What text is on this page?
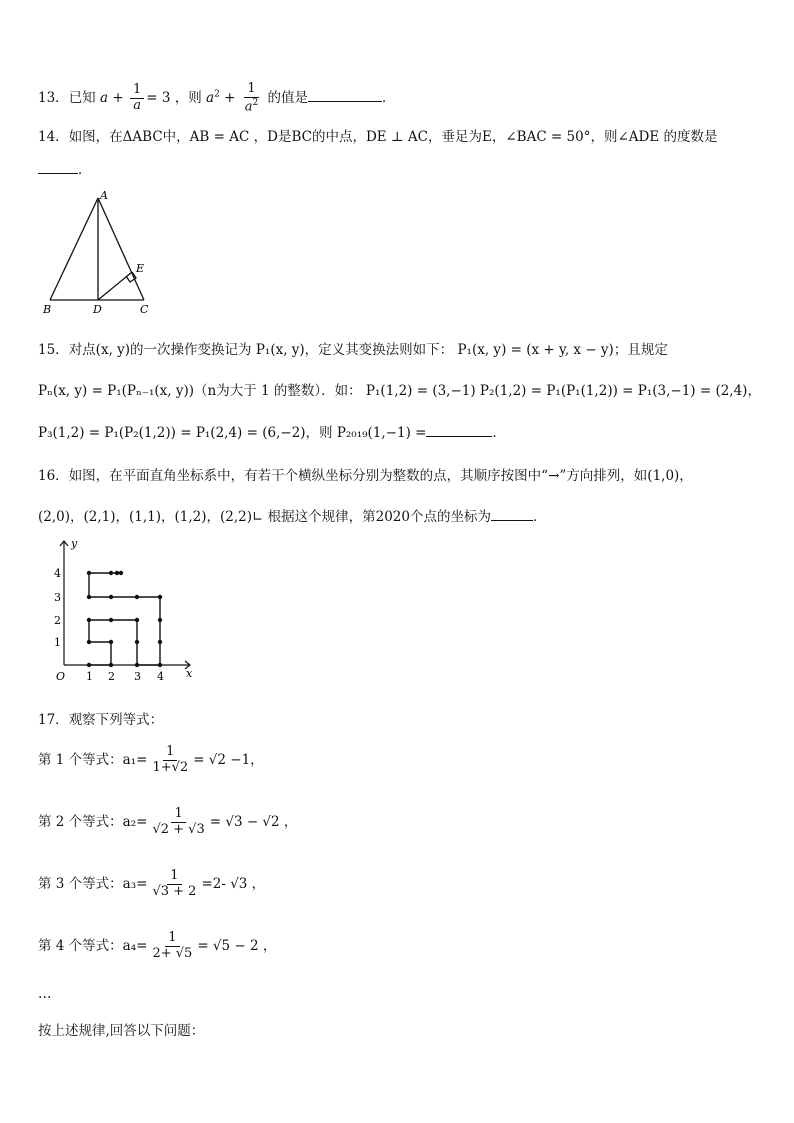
13．已知 $a + \frac{1}{a} = 3$ ，则 $a^2 + \frac{1}{a^2}$ 的值是	．
14．如图，在ΔABC中，AB = AC ，D是BC的中点，DE ⊥ AC，垂足为E，∠BAC = 50°，则∠ADE 的度数是
．
A
B	C
D
E
15．对点(x, y)的一次操作变换记为 P₁(x, y)，定义其变换法则如下： P₁(x, y) = (x + y, x − y)；且规定
Pₙ(x, y) = P₁(Pₙ₋₁(x, y))（n为大于 1 的整数）．如： P₁(1,2) = (3,−1) P₂(1,2) = P₁(P₁(1,2)) = P₁(3,−1) = (2,4)，
P₃(1,2) = P₁(P₂(1,2)) = P₁(2,4) = (6,−2)，则 P₂₀₁₉(1,−1) =	．
16．如图，在平面直角坐标系中，有若干个横纵坐标分别为整数的点，其顺序按图中“→”方向排列，如(1,0)，
(2,0)，(2,1)，(1,1)，(1,2)，(2,2)∟ 根据这个规律，第2020个点的坐标为	．
y
x
O 1 2 3 4
1
2
3
4
17．观察下列等式：
第 1 个等式：$a_1= \frac{1}{1+√2} = √2 -1$，
第 2 个等式：$a_2= \frac{1}{√2 + √3} = √3 - √2$ ，
第 3 个等式：$a_3= \frac{1}{√3 + 2} =2-$ √3 ，
第 4 个等式：$a_4= \frac{1}{2+ √5} = √5 - 2$ ，
…
按上述规律,回答以下问题：
